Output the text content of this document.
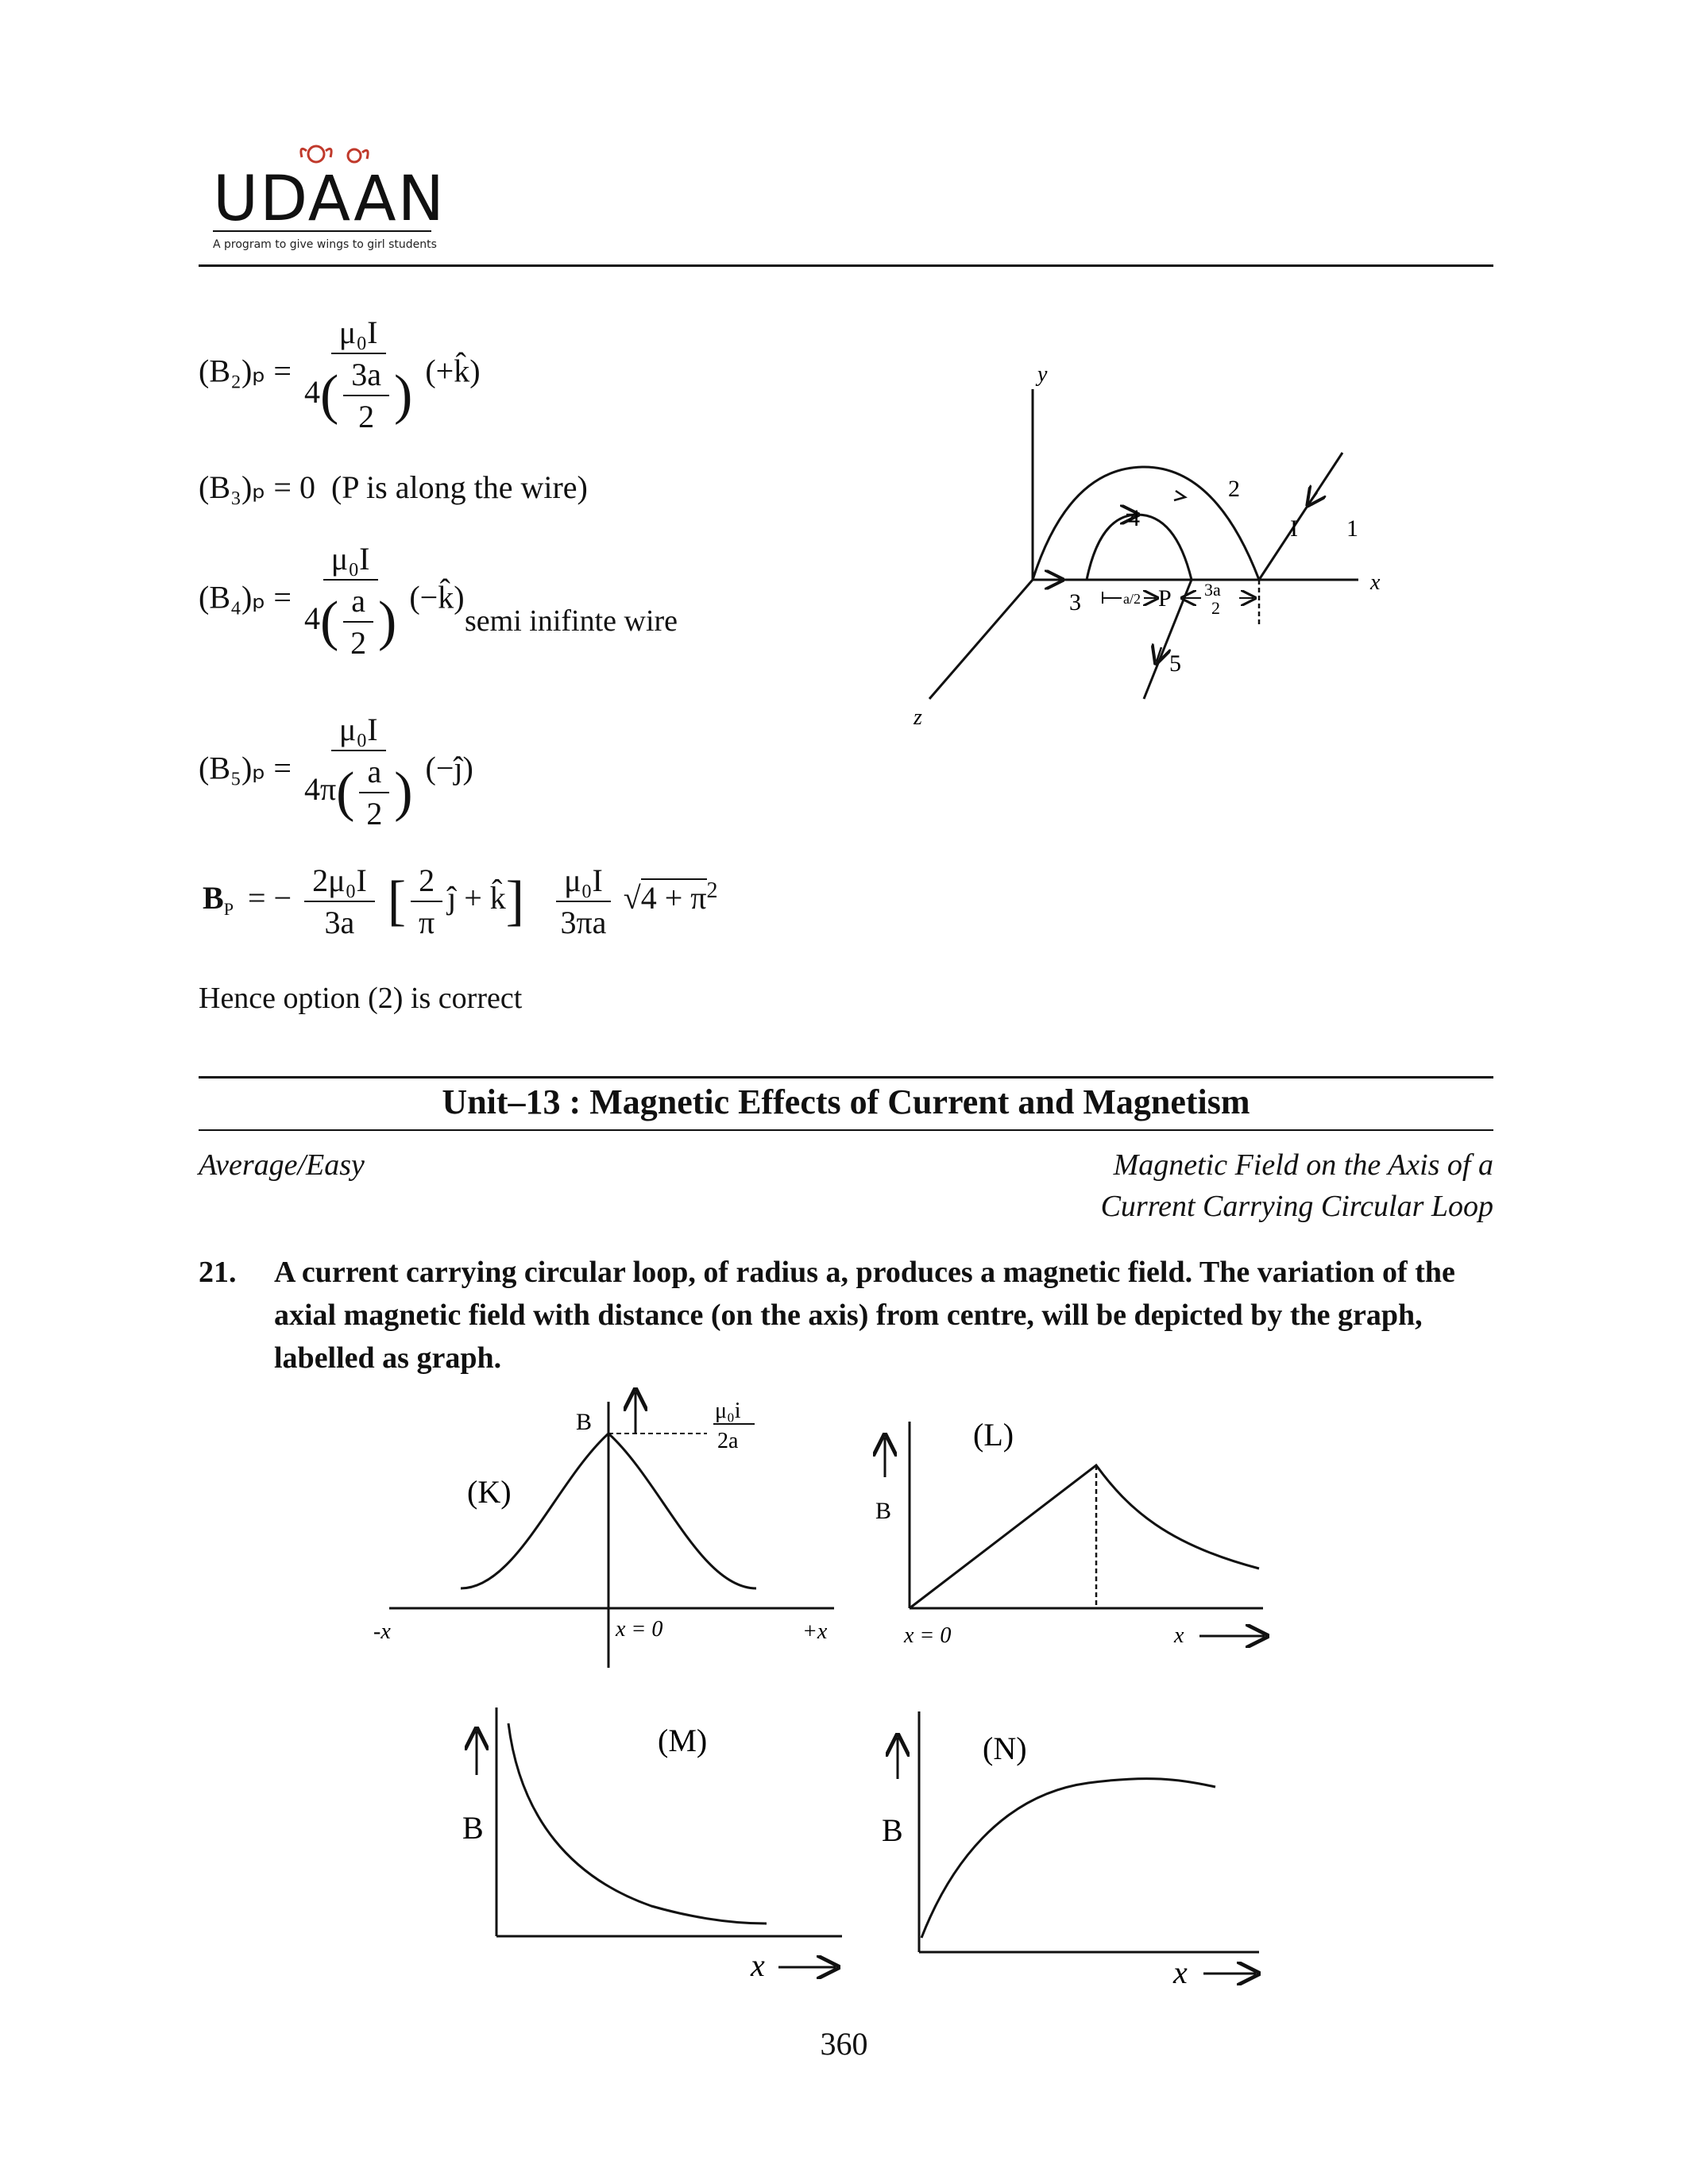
UDAAN
A program to give wings to girl students
$(B_2)_p = \frac{\text{μ₀I}}{4( \frac{3a}{2} )}$ (+k̂)
(B₃)ₚ = 0 (P is along the wire)
$(B_4)_p = \frac{\text{μ₀I}}{4( \frac{a}{2} )}$ (−k̂)
semi inifinte wire
$(B_5)_p = \frac{\text{μ₀I}}{4\pi( \frac{a}{2} )}$ (−ĵ)
$B_P$ = − $\frac{\text{2μ₀I}}{3a}$ [ $\frac{2}{\pi}$ ĵ + k̂] $\frac{\text{μ₀I}}{3\pi a} √4 + \pi^2$
Hence option (2) is correct
y
x
z
1
2
3
4
5
I
P
a/2	3a
2
Unit–13 : Magnetic Effects of Current and Magnetism
Average/Easy	Magnetic Field on the Axis of a
Current Carrying Circular Loop
21. A current carrying circular loop, of radius a, produces a magnetic field. The variation of the
axial magnetic field with distance (on the axis) from centre, will be depicted by the graph,
labelled as graph.
B	μ₀i
2a
(K)
-x	x = 0	+x
B
(L)
x = 0	x
B
(M)
x
B
(N)
x
360
